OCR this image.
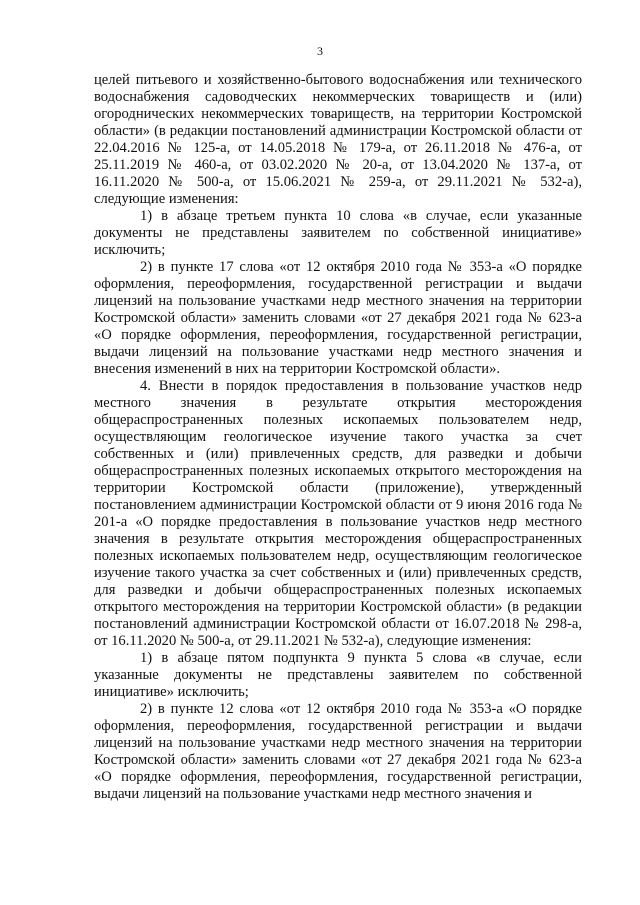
3

целей питьевого и хозяйственно-бытового водоснабжения или технического водоснабжения садоводческих некоммерческих товариществ и (или) огороднических некоммерческих товариществ, на территории Костромской области» (в редакции постановлений администрации Костромской области от 22.04.2016 № 125-а, от 14.05.2018 № 179-а, от 26.11.2018 № 476-а, от 25.11.2019 № 460-а, от 03.02.2020 № 20-а, от 13.04.2020 № 137-а, от 16.11.2020 № 500-а, от 15.06.2021 № 259-а, от 29.11.2021 № 532-а), следующие изменения:

1) в абзаце третьем пункта 10 слова «в случае, если указанные документы не представлены заявителем по собственной инициативе» исключить;

2) в пункте 17 слова «от 12 октября 2010 года № 353-а «О порядке оформления, переоформления, государственной регистрации и выдачи лицензий на пользование участками недр местного значения на территории Костромской области» заменить словами «от 27 декабря 2021 года № 623-а «О порядке оформления, переоформления, государственной регистрации, выдачи лицензий на пользование участками недр местного значения и внесения изменений в них на территории Костромской области».

4. Внести в порядок предоставления в пользование участков недр местного значения в результате открытия месторождения общераспространенных полезных ископаемых пользователем недр, осуществляющим геологическое изучение такого участка за счет собственных и (или) привлеченных средств, для разведки и добычи общераспространенных полезных ископаемых открытого месторождения на территории Костромской области (приложение), утвержденный постановлением администрации Костромской области от 9 июня 2016 года № 201-а «О порядке предоставления в пользование участков недр местного значения в результате открытия месторождения общераспространенных полезных ископаемых пользователем недр, осуществляющим геологическое изучение такого участка за счет собственных и (или) привлеченных средств, для разведки и добычи общераспространенных полезных ископаемых открытого месторождения на территории Костромской области» (в редакции постановлений администрации Костромской области от 16.07.2018 № 298-а, от 16.11.2020 № 500-а, от 29.11.2021 № 532-а), следующие изменения:

1) в абзаце пятом подпункта 9 пункта 5 слова «в случае, если указанные документы не представлены заявителем по собственной инициативе» исключить;

2) в пункте 12 слова «от 12 октября 2010 года № 353-а «О порядке оформления, переоформления, государственной регистрации и выдачи лицензий на пользование участками недр местного значения на территории Костромской области» заменить словами «от 27 декабря 2021 года № 623-а «О порядке оформления, переоформления, государственной регистрации, выдачи лицензий на пользование участками недр местного значения и
